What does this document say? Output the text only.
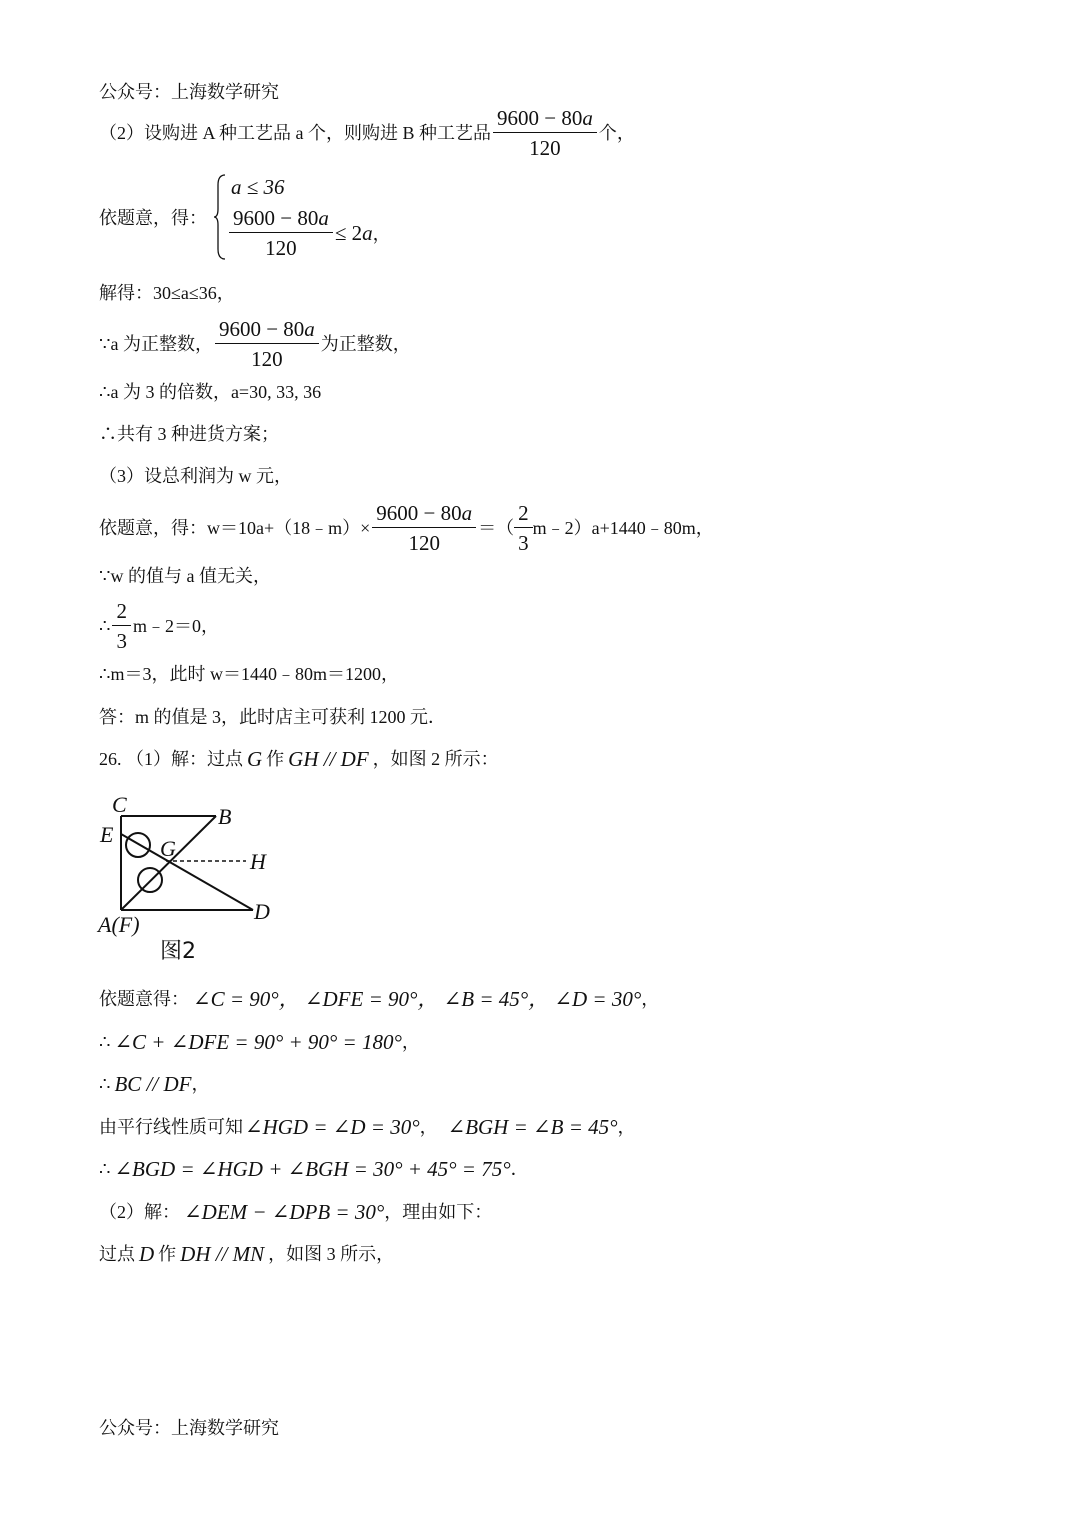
公众号：上海数学研究
（2）设购进 A 种工艺品 a 个，则购进 B 种工艺品 $\frac{9600 - 80a}{120}$ 个，
依题意，得：
a ≤ 36
$\frac{9600 - 80a}{120} \le 2$ a ，
解得：30≤a≤36，
∵a 为正整数， $\frac{9600 - 80a}{120}$ 为正整数，
∴a 为 3 的倍数，a=30, 33, 36
∴共有 3 种进货方案；
（3）设总利润为 w 元，
依题意，得：w＝10a+（18﹣m）× $\frac{9600 - 80a}{120}$ ＝（ $\frac{2}{3}$ m﹣2）a+1440﹣80m，
∵w 的值与 a 值无关，
∴ $\frac{2}{3}$ m﹣2＝0，
∴m＝3，此时 w＝1440﹣80m＝1200，
答：m 的值是 3，此时店主可获利 1200 元．
26. （1）解：过点 G 作 GH // DF ，如图 2 所示：
C	B
E
G
H
D
A(F)
图2
依题意得： ∠C = 90°， ∠DFE = 90°， ∠B = 45°， ∠D = 30° ，
∴ ∠C + ∠DFE = 90° + 90° = 180° ，
∴ BC // DF ，
由平行线性质可知 ∠HGD = ∠D = 30° ， ∠BGH = ∠B = 45° ，
∴ ∠BGD = ∠HGD + ∠BGH = 30° + 45° = 75° ．
（2）解： ∠DEM − ∠DPB = 30° ，理由如下：
过点 D 作 DH // MN ，如图 3 所示，
公众号：上海数学研究
